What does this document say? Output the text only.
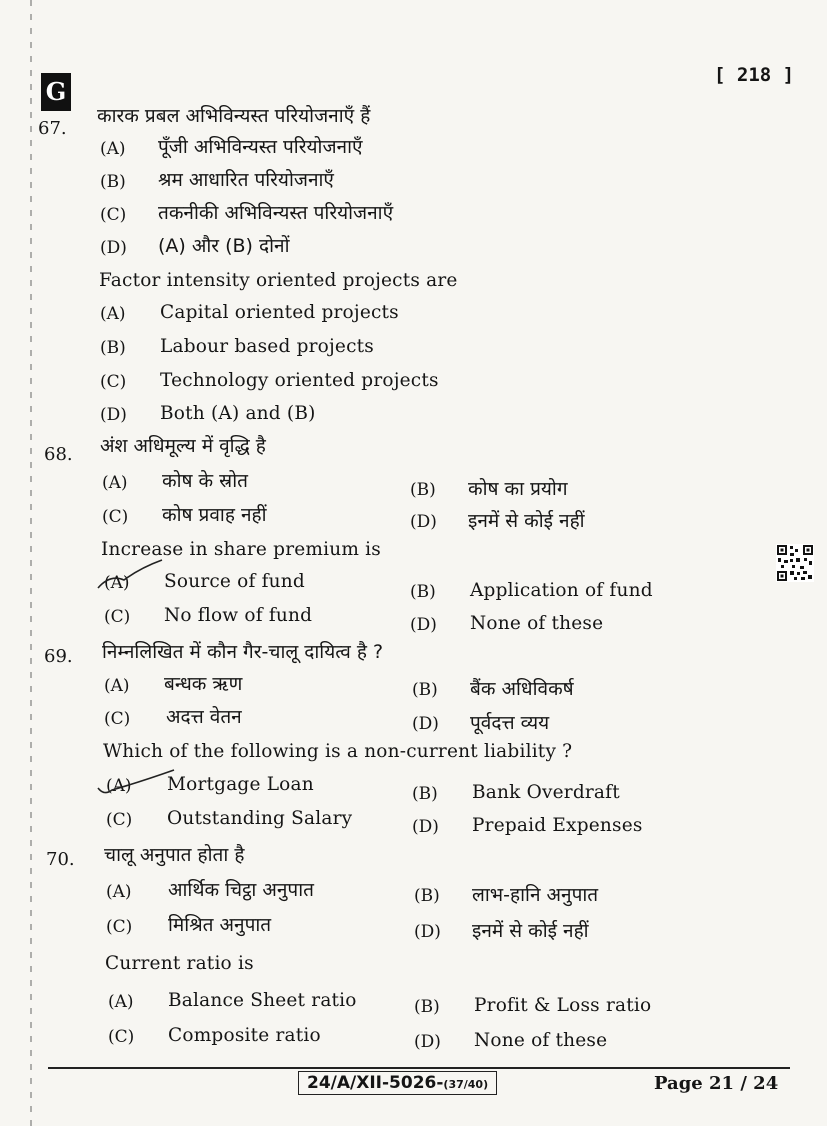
G
[ 218 ]
67.
कारक प्रबल अभिविन्यस्त परियोजनाएँ हैं
(A) पूँजी अभिविन्यस्त परियोजनाएँ
(B) श्रम आधारित परियोजनाएँ
(C) तकनीकी अभिविन्यस्त परियोजनाएँ
(D) (A) और (B) दोनों
Factor intensity oriented projects are
(A) Capital oriented projects
(B) Labour based projects
(C) Technology oriented projects
(D) Both (A) and (B)
68. अंश अधिमूल्य में वृद्धि है
(A) कोष के स्रोत	(B) कोष का प्रयोग
(C) कोष प्रवाह नहीं	(D) इनमें से कोई नहीं
Increase in share premium is
(A) Source of fund	(B) Application of fund
(C) No flow of fund	(D) None of these
69. निम्नलिखित में कौन गैर-चालू दायित्व है ?
(A) बन्धक ऋण	(B) बैंक अधिविकर्ष
(C) अदत्त वेतन	(D) पूर्वदत्त व्यय
Which of the following is a non-current liability ?
(A) Mortgage Loan	(B) Bank Overdraft
(C) Outstanding Salary	(D) Prepaid Expenses
70. चालू अनुपात होता है
(A) आर्थिक चिट्ठा अनुपात	(B) लाभ-हानि अनुपात
(C) मिश्रित अनुपात	(D) इनमें से कोई नहीं
Current ratio is
(A) Balance Sheet ratio	(B) Profit & Loss ratio
(C) Composite ratio	(D) None of these
24/A/XII-5026-(37/40)	Page 21 / 24
